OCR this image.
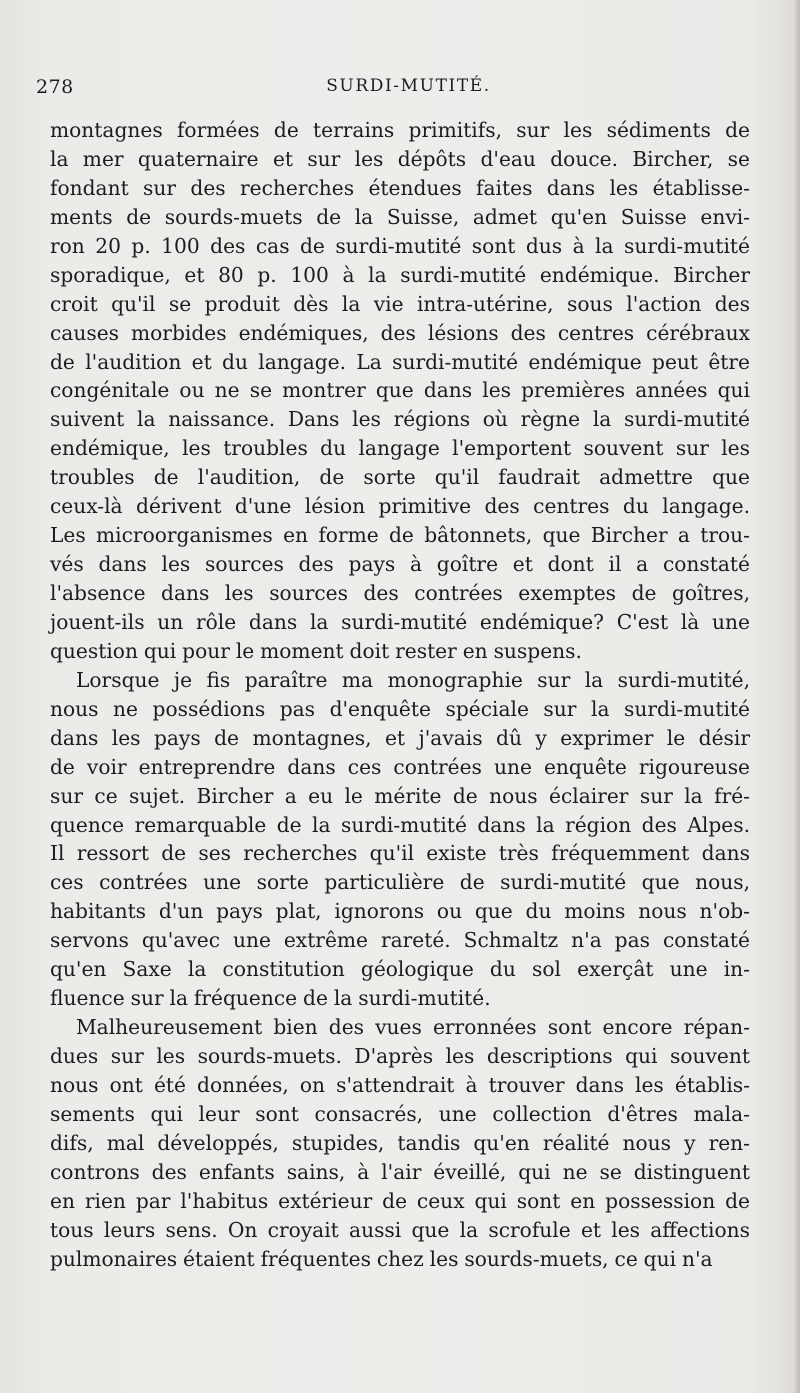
278	SURDI-MUTITÉ.
montagnes formées de terrains primitifs, sur les sédiments de
la mer quaternaire et sur les dépôts d'eau douce. Bircher, se
fondant sur des recherches étendues faites dans les établisse-
ments de sourds-muets de la Suisse, admet qu'en Suisse envi-
ron 20 p. 100 des cas de surdi-mutité sont dus à la surdi-mutité
sporadique, et 80 p. 100 à la surdi-mutité endémique. Bircher
croit qu'il se produit dès la vie intra-utérine, sous l'action des
causes morbides endémiques, des lésions des centres cérébraux
de l'audition et du langage. La surdi-mutité endémique peut être
congénitale ou ne se montrer que dans les premières années qui
suivent la naissance. Dans les régions où règne la surdi-mutité
endémique, les troubles du langage l'emportent souvent sur les
troubles de l'audition, de sorte qu'il faudrait admettre que
ceux-là dérivent d'une lésion primitive des centres du langage.
Les microorganismes en forme de bâtonnets, que Bircher a trou-
vés dans les sources des pays à goître et dont il a constaté
l'absence dans les sources des contrées exemptes de goîtres,
jouent-ils un rôle dans la surdi-mutité endémique? C'est là une
question qui pour le moment doit rester en suspens.
Lorsque je fis paraître ma monographie sur la surdi-mutité,
nous ne possédions pas d'enquête spéciale sur la surdi-mutité
dans les pays de montagnes, et j'avais dû y exprimer le désir
de voir entreprendre dans ces contrées une enquête rigoureuse
sur ce sujet. Bircher a eu le mérite de nous éclairer sur la fré-
quence remarquable de la surdi-mutité dans la région des Alpes.
Il ressort de ses recherches qu'il existe très fréquemment dans
ces contrées une sorte particulière de surdi-mutité que nous,
habitants d'un pays plat, ignorons ou que du moins nous n'ob-
servons qu'avec une extrême rareté. Schmaltz n'a pas constaté
qu'en Saxe la constitution géologique du sol exerçât une in-
fluence sur la fréquence de la surdi-mutité.
Malheureusement bien des vues erronnées sont encore répan-
dues sur les sourds-muets. D'après les descriptions qui souvent
nous ont été données, on s'attendrait à trouver dans les établis-
sements qui leur sont consacrés, une collection d'êtres mala-
difs, mal développés, stupides, tandis qu'en réalité nous y ren-
controns des enfants sains, à l'air éveillé, qui ne se distinguent
en rien par l'habitus extérieur de ceux qui sont en possession de
tous leurs sens. On croyait aussi que la scrofule et les affections
pulmonaires étaient fréquentes chez les sourds-muets, ce qui n'a
